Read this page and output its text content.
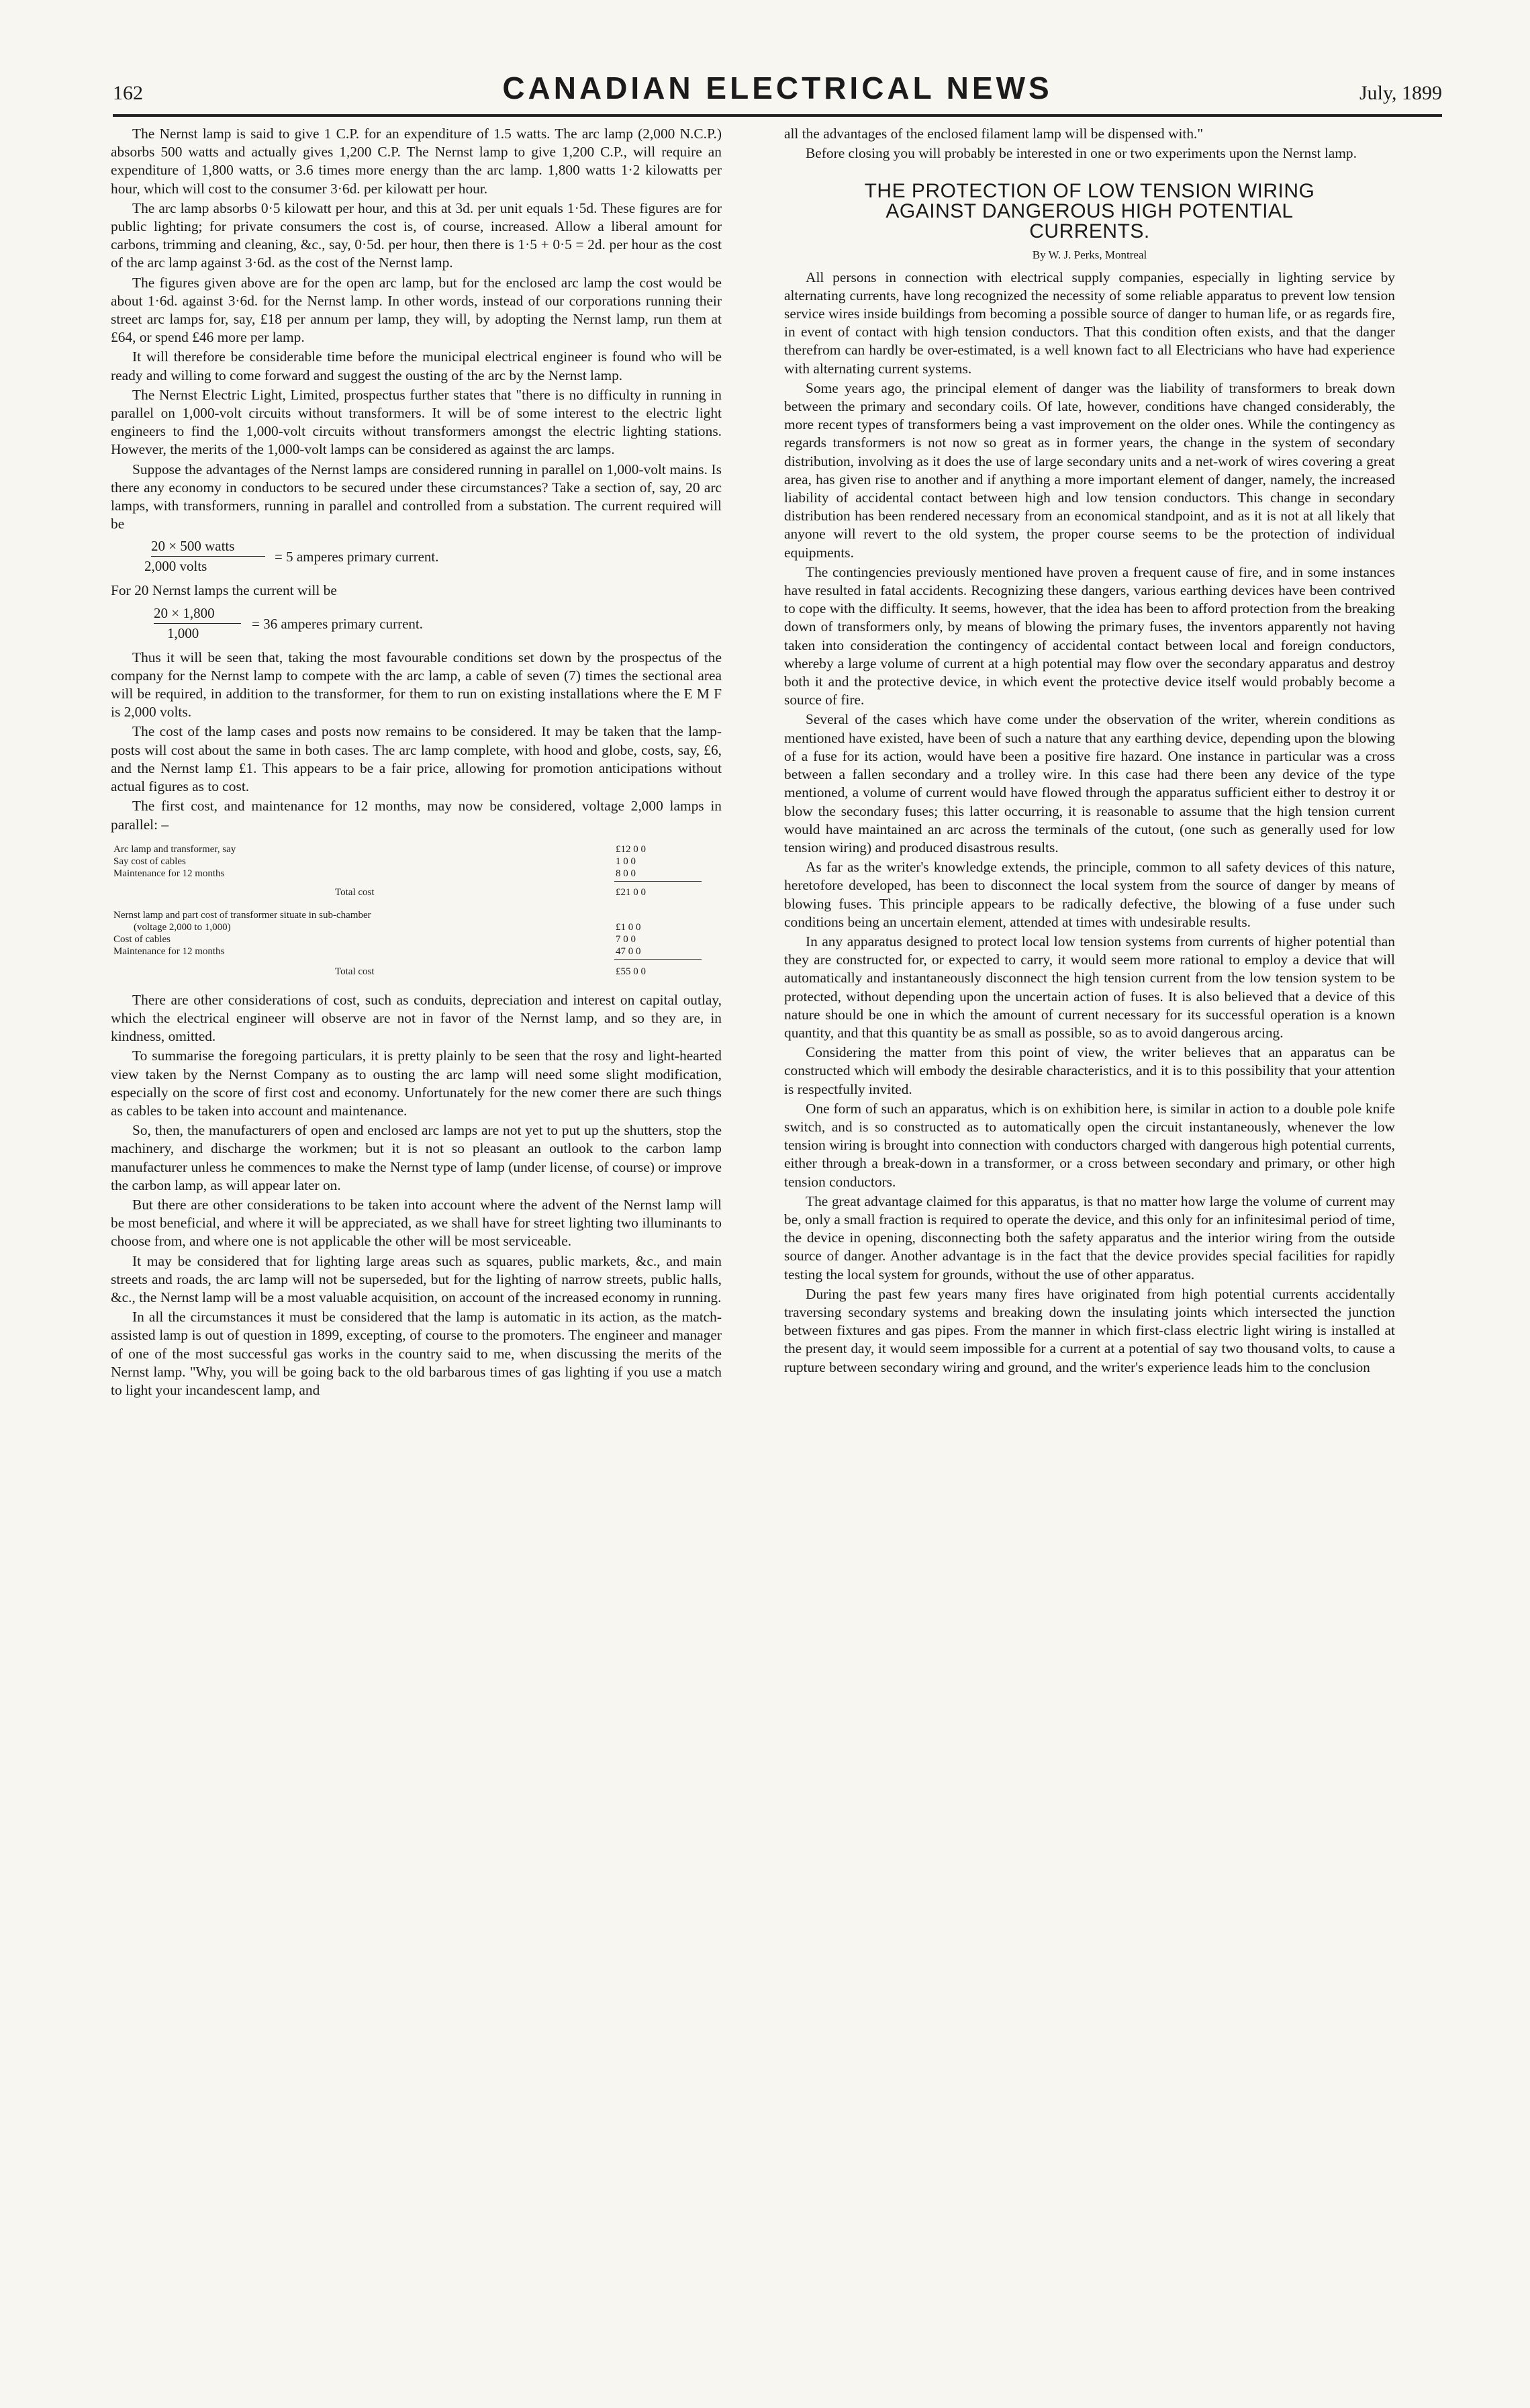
162	CANADIAN ELECTRICAL NEWS	July, 1899

The Nernst lamp is said to give 1 C.P. for an expenditure of 1.5 watts. The arc lamp (2,000 N.C.P.) absorbs 500 watts and actually gives 1,200 C.P. The Nernst lamp to give 1,200 C.P., will require an expenditure of 1,800 watts, or 3.6 times more energy than the arc lamp. 1,800 watts 1·2 kilowatts per hour, which will cost to the consumer 3·6d. per kilowatt per hour.

The arc lamp absorbs 0·5 kilowatt per hour, and this at 3d. per unit equals 1·5d. These figures are for public lighting; for private consumers the cost is, of course, increased. Allow a liberal amount for carbons, trimming and cleaning, &c., say, 0·5d. per hour, then there is 1·5 + 0·5 = 2d. per hour as the cost of the arc lamp against 3·6d. as the cost of the Nernst lamp.

The figures given above are for the open arc lamp, but for the enclosed arc lamp the cost would be about 1·6d. against 3·6d. for the Nernst lamp. In other words, instead of our corporations running their street arc lamps for, say, £18 per annum per lamp, they will, by adopting the Nernst lamp, run them at £64, or spend £46 more per lamp.

It will therefore be considerable time before the municipal electrical engineer is found who will be ready and willing to come forward and suggest the ousting of the arc by the Nernst lamp.

The Nernst Electric Light, Limited, prospectus further states that "there is no difficulty in running in parallel on 1,000-volt circuits without transformers. It will be of some interest to the electric light engineers to find the 1,000-volt circuits without transformers amongst the electric lighting stations. However, the merits of the 1,000-volt lamps can be considered as against the arc lamps.

Suppose the advantages of the Nernst lamps are considered running in parallel on 1,000-volt mains. Is there any economy in conductors to be secured under these circumstances? Take a section of, say, 20 arc lamps, with transformers, running in parallel and controlled from a substation. The current required will be

20 × 500 watts
2,000 volts
= 5 amperes primary current.

For 20 Nernst lamps the current will be

20 × 1,800
1,000
= 36 amperes primary current.

Thus it will be seen that, taking the most favourable conditions set down by the prospectus of the company for the Nernst lamp to compete with the arc lamp, a cable of seven (7) times the sectional area will be required, in addition to the transformer, for them to run on existing installations where the E M F is 2,000 volts.

The cost of the lamp cases and posts now remains to be considered. It may be taken that the lamp-posts will cost about the same in both cases. The arc lamp complete, with hood and globe, costs, say, £6, and the Nernst lamp £1. This appears to be a fair price, allowing for promotion anticipations without actual figures as to cost.

The first cost, and maintenance for 12 months, may now be considered, voltage 2,000 lamps in parallel: –

Arc lamp and transformer, say	£12 0 0
Say cost of cables	1 0 0
Maintenance for 12 months	8 0 0
Total cost	£21 0 0
Nernst lamp and part cost of transformer situate in sub-chamber
(voltage 2,000 to 1,000)	£1 0 0
Cost of cables	7 0 0
Maintenance for 12 months	47 0 0
Total cost	£55 0 0

There are other considerations of cost, such as conduits, depreciation and interest on capital outlay, which the electrical engineer will observe are not in favor of the Nernst lamp, and so they are, in kindness, omitted.

To summarise the foregoing particulars, it is pretty plainly to be seen that the rosy and light-hearted view taken by the Nernst Company as to ousting the arc lamp will need some slight modification, especially on the score of first cost and economy. Unfortunately for the new comer there are such things as cables to be taken into account and maintenance.

So, then, the manufacturers of open and enclosed arc lamps are not yet to put up the shutters, stop the machinery, and discharge the workmen; but it is not so pleasant an outlook to the carbon lamp manufacturer unless he commences to make the Nernst type of lamp (under license, of course) or improve the carbon lamp, as will appear later on.

But there are other considerations to be taken into account where the advent of the Nernst lamp will be most beneficial, and where it will be appreciated, as we shall have for street lighting two illuminants to choose from, and where one is not applicable the other will be most serviceable.

It may be considered that for lighting large areas such as squares, public markets, &c., and main streets and roads, the arc lamp will not be superseded, but for the lighting of narrow streets, public halls, &c., the Nernst lamp will be a most valuable acquisition, on account of the increased economy in running.

In all the circumstances it must be considered that the lamp is automatic in its action, as the match-assisted lamp is out of question in 1899, excepting, of course to the promoters. The engineer and manager of one of the most successful gas works in the country said to me, when discussing the merits of the Nernst lamp. "Why, you will be going back to the old barbarous times of gas lighting if you use a match to light your incandescent lamp, and

all the advantages of the enclosed filament lamp will be dispensed with."

Before closing you will probably be interested in one or two experiments upon the Nernst lamp.

THE PROTECTION OF LOW TENSION WIRING
AGAINST DANGEROUS HIGH POTENTIAL
CURRENTS.
By W. J. Perks, Montreal

All persons in connection with electrical supply companies, especially in lighting service by alternating currents, have long recognized the necessity of some reliable apparatus to prevent low tension service wires inside buildings from becoming a possible source of danger to human life, or as regards fire, in event of contact with high tension conductors. That this condition often exists, and that the danger therefrom can hardly be over-estimated, is a well known fact to all Electricians who have had experience with alternating current systems.

Some years ago, the principal element of danger was the liability of transformers to break down between the primary and secondary coils. Of late, however, conditions have changed considerably, the more recent types of transformers being a vast improvement on the older ones. While the contingency as regards transformers is not now so great as in former years, the change in the system of secondary distribution, involving as it does the use of large secondary units and a net-work of wires covering a great area, has given rise to another and if anything a more important element of danger, namely, the increased liability of accidental contact between high and low tension conductors. This change in secondary distribution has been rendered necessary from an economical standpoint, and as it is not at all likely that anyone will revert to the old system, the proper course seems to be the protection of individual equipments.

The contingencies previously mentioned have proven a frequent cause of fire, and in some instances have resulted in fatal accidents. Recognizing these dangers, various earthing devices have been contrived to cope with the difficulty. It seems, however, that the idea has been to afford protection from the breaking down of transformers only, by means of blowing the primary fuses, the inventors apparently not having taken into consideration the contingency of accidental contact between local and foreign conductors, whereby a large volume of current at a high potential may flow over the secondary apparatus and destroy both it and the protective device, in which event the protective device itself would probably become a source of fire.

Several of the cases which have come under the observation of the writer, wherein conditions as mentioned have existed, have been of such a nature that any earthing device, depending upon the blowing of a fuse for its action, would have been a positive fire hazard. One instance in particular was a cross between a fallen secondary and a trolley wire. In this case had there been any device of the type mentioned, a volume of current would have flowed through the apparatus sufficient either to destroy it or blow the secondary fuses; this latter occurring, it is reasonable to assume that the high tension current would have maintained an arc across the terminals of the cutout, (one such as generally used for low tension wiring) and produced disastrous results.

As far as the writer's knowledge extends, the principle, common to all safety devices of this nature, heretofore developed, has been to disconnect the local system from the source of danger by means of blowing fuses. This principle appears to be radically defective, the blowing of a fuse under such conditions being an uncertain element, attended at times with undesirable results.

In any apparatus designed to protect local low tension systems from currents of higher potential than they are constructed for, or expected to carry, it would seem more rational to employ a device that will automatically and instantaneously disconnect the high tension current from the low tension system to be protected, without depending upon the uncertain action of fuses. It is also believed that a device of this nature should be one in which the amount of current necessary for its successful operation is a known quantity, and that this quantity be as small as possible, so as to avoid dangerous arcing.

Considering the matter from this point of view, the writer believes that an apparatus can be constructed which will embody the desirable characteristics, and it is to this possibility that your attention is respectfully invited.

One form of such an apparatus, which is on exhibition here, is similar in action to a double pole knife switch, and is so constructed as to automatically open the circuit instantaneously, whenever the low tension wiring is brought into connection with conductors charged with dangerous high potential currents, either through a break-down in a transformer, or a cross between secondary and primary, or other high tension conductors.

The great advantage claimed for this apparatus, is that no matter how large the volume of current may be, only a small fraction is required to operate the device, and this only for an infinitesimal period of time, the device in opening, disconnecting both the safety apparatus and the interior wiring from the outside source of danger. Another advantage is in the fact that the device provides special facilities for rapidly testing the local system for grounds, without the use of other apparatus.

During the past few years many fires have originated from high potential currents accidentally traversing secondary systems and breaking down the insulating joints which intersected the junction between fixtures and gas pipes. From the manner in which first-class electric light wiring is installed at the present day, it would seem impossible for a current at a potential of say two thousand volts, to cause a rupture between secondary wiring and ground, and the writer's experience leads him to the conclusion
